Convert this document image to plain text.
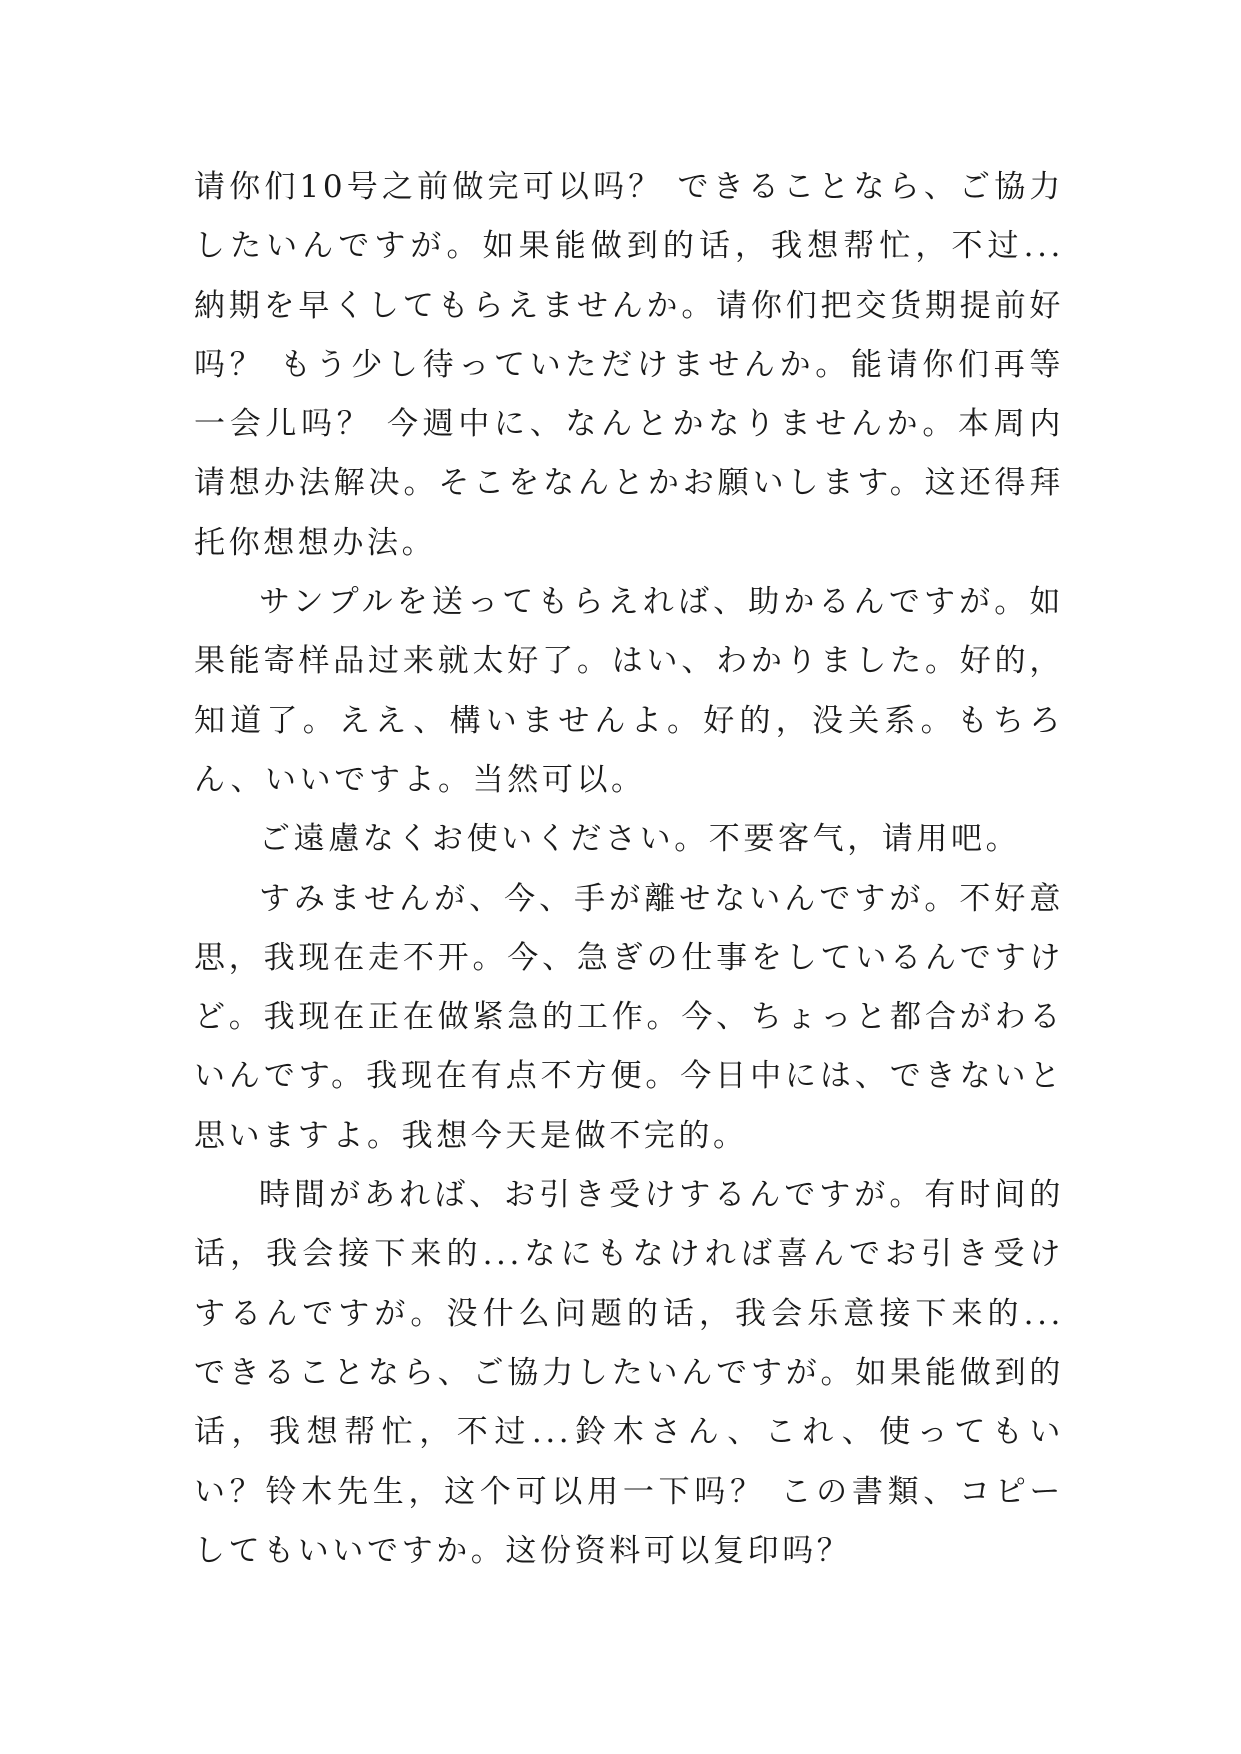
请你们10号之前做完可以吗？ できることなら、ご協力したいんですが。如果能做到的话，我想帮忙，不过...納期を早くしてもらえませんか。请你们把交货期提前好吗？ もう少し待っていただけませんか。能请你们再等一会儿吗？ 今週中に、なんとかなりませんか。本周内请想办法解决。そこをなんとかお願いします。这还得拜托你想想办法。

サンプルを送ってもらえれば、助かるんですが。如果能寄样品过来就太好了。はい、わかりました。好的，知道了。ええ、構いませんよ。好的，没关系。もちろん、いいですよ。当然可以。

ご遠慮なくお使いください。不要客气，请用吧。

すみませんが、今、手が離せないんですが。不好意思，我现在走不开。今、急ぎの仕事をしているんですけど。我现在正在做紧急的工作。今、ちょっと都合がわるいんです。我现在有点不方便。今日中には、できないと思いますよ。我想今天是做不完的。

時間があれば、お引き受けするんですが。有时间的话，我会接下来的...なにもなければ喜んでお引き受けするんですが。没什么问题的话，我会乐意接下来的...できることなら、ご協力したいんですが。如果能做到的话，我想帮忙，不过...鈴木さん、これ、使ってもいい？铃木先生，这个可以用一下吗？ この書類、コピーしてもいいですか。这份资料可以复印吗？
